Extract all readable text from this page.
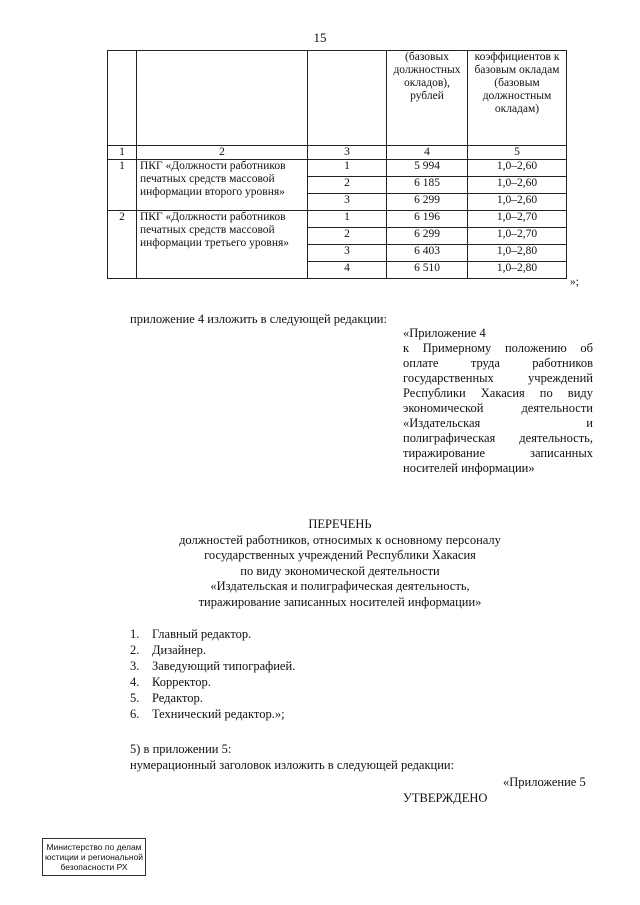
15
			(базовых должностных окладов), рублей	коэффициентов к базовым окладам (базовым должностным окладам)
1	2	3	4	5
1	ПКГ «Должности работников печатных средств массовой информации второго уровня»	1	5 994	1,0–2,60
		2	6 185	1,0–2,60
		3	6 299	1,0–2,60
2	ПКГ «Должности работников печатных средств массовой информации третьего уровня»	1	6 196	1,0–2,70
		2	6 299	1,0–2,70
		3	6 403	1,0–2,80
		4	6 510	1,0–2,80
»;
приложение 4 изложить в следующей редакции:
«Приложение 4
к Примерному положению об
оплате труда работников
государственных учреждений
Республики Хакасия по виду
экономической деятельности
«Издательская и
полиграфическая деятельность,
тиражирование записанных
носителей информации»
ПЕРЕЧЕНЬ
должностей работников, относимых к основному персоналу
государственных учреждений Республики Хакасия
по виду экономической деятельности
«Издательская и полиграфическая деятельность,
тиражирование записанных носителей информации»
1. Главный редактор.
2. Дизайнер.
3. Заведующий типографией.
4. Корректор.
5. Редактор.
6. Технический редактор.»;
5) в приложении 5:
нумерационный заголовок изложить в следующей редакции:
«Приложение 5
УТВЕРЖДЕНО
Министерство по делам
юстиции и региональной
безопасности РХ
